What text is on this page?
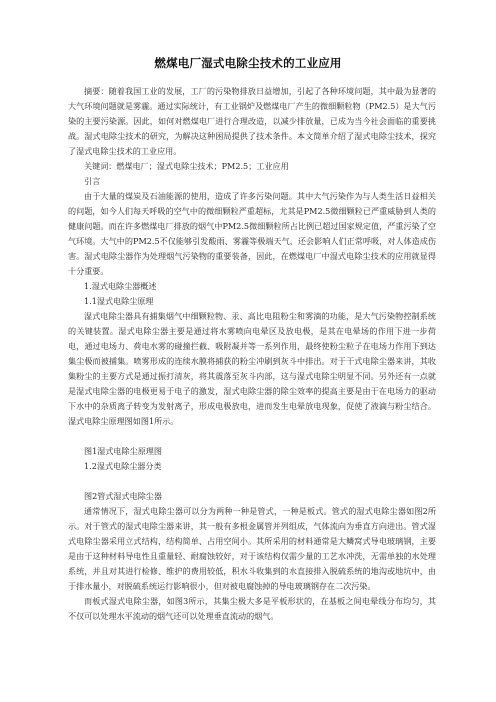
燃煤电厂湿式电除尘技术的工业应用

摘要：随着我国工业的发展，工厂的污染物排放日益增加，引起了各种环境问题，其中最为显著的大气环境问题就是雾霾。通过实际统计，有工业锅炉及燃煤电厂产生的微细颗粒物（PM2.5）是大气污染的主要污染源。因此，如何对燃煤电厂进行合理改造，以减少排放量，已成为当今社会面临的重要挑战。湿式电除尘技术的研究，为解决这种困局提供了技术条件。本文简单介绍了湿式电除尘技术，探究了湿式电除尘技术的工业应用。

关键词：燃煤电厂；湿式电除尘技术；PM2.5；工业应用

引言

由于大量的煤炭及石油能源的使用，造成了许多污染问题。其中大气污染作为与人类生活日益相关的问题，如今人们每天呼吸的空气中的微细颗粒严重超标，尤其是PM2.5微细颗粒已严重威胁到人类的健康问题。而在许多燃煤电厂排放的烟气中PM2.5微细颗粒所占比例已超过国家规定值，严重污染了空气环境。大气中的PM2.5不仅能够引发酸雨、雾霾等极端天气，还会影响人们正常呼吸，对人体造成伤害。湿式电除尘器作为处理烟气污染物的重要装备，因此，在燃煤电厂中湿式电除尘技术的应用就显得十分重要。

1.湿式电除尘器概述

1.1湿式电除尘原理

湿式电除尘器具有捕集烟气中细颗粒物、汞、高比电阻粉尘和雾滴的功能，是大气污染物控制系统的关键装置。湿式电除尘器主要是通过将水雾喷向电晕区及放电极，是其在电晕场的作用下进一步荷电，通过电场力、荷电水雾的碰撞拦截、吸附凝并等一系列作用，最终使粉尘粒子在电场力作用下到达集尘极而被捕集。喷雾形成的连续水膜将捕获的粉尘冲刷到灰斗中排出。对于干式电除尘器来讲，其收集粉尘的主要方式是通过振打清灰，将其震落至灰斗内部，这与湿式电除尘明显不同。另外还有一点就是湿式电除尘器的电极更易于电子的激发，湿式电除尘器的除尘效率的提高主要是由于在电场力的驱动下水中的杂质离子转变为发射离子，形成电极放电，进而发生电晕放电现象，促使了液滴与粉尘结合。湿式电除尘原理图如图1所示。

图1湿式电除尘原理图

1.2湿式电除尘器分类

图2管式湿式电除尘器

通常情况下，湿式电除尘器可以分为两种一种是管式，一种是板式。管式的湿式电除尘器如图2所示。对于管式的湿式电除尘器来讲，其一般有多根金属管并列组成，气体流向为垂直方向进出。管式湿式电除尘器采用立式结构，结构简单、占用空间小。其所采用的材料通常是大鳞窝式导电玻璃钢，主要是由于这种材料导电性且重量轻、耐腐蚀较好，对于该结构仅需少量的工艺水冲洗，无需单独的水处理系统，并且对其进行检修、维护的费用较低，积水斗收集到的水直接排入脱硫系统的地沟或地坑中，由于排水量小，对脱硫系统运行影响很小，但对被电腐蚀掉的导电玻璃钢存在二次污染。

而板式湿式电除尘器，如图3所示，其集尘极大多是平板形状的，在基板之间电晕线分布均匀，其不仅可以处理水平流动的烟气还可以处理垂直流动的烟气。
